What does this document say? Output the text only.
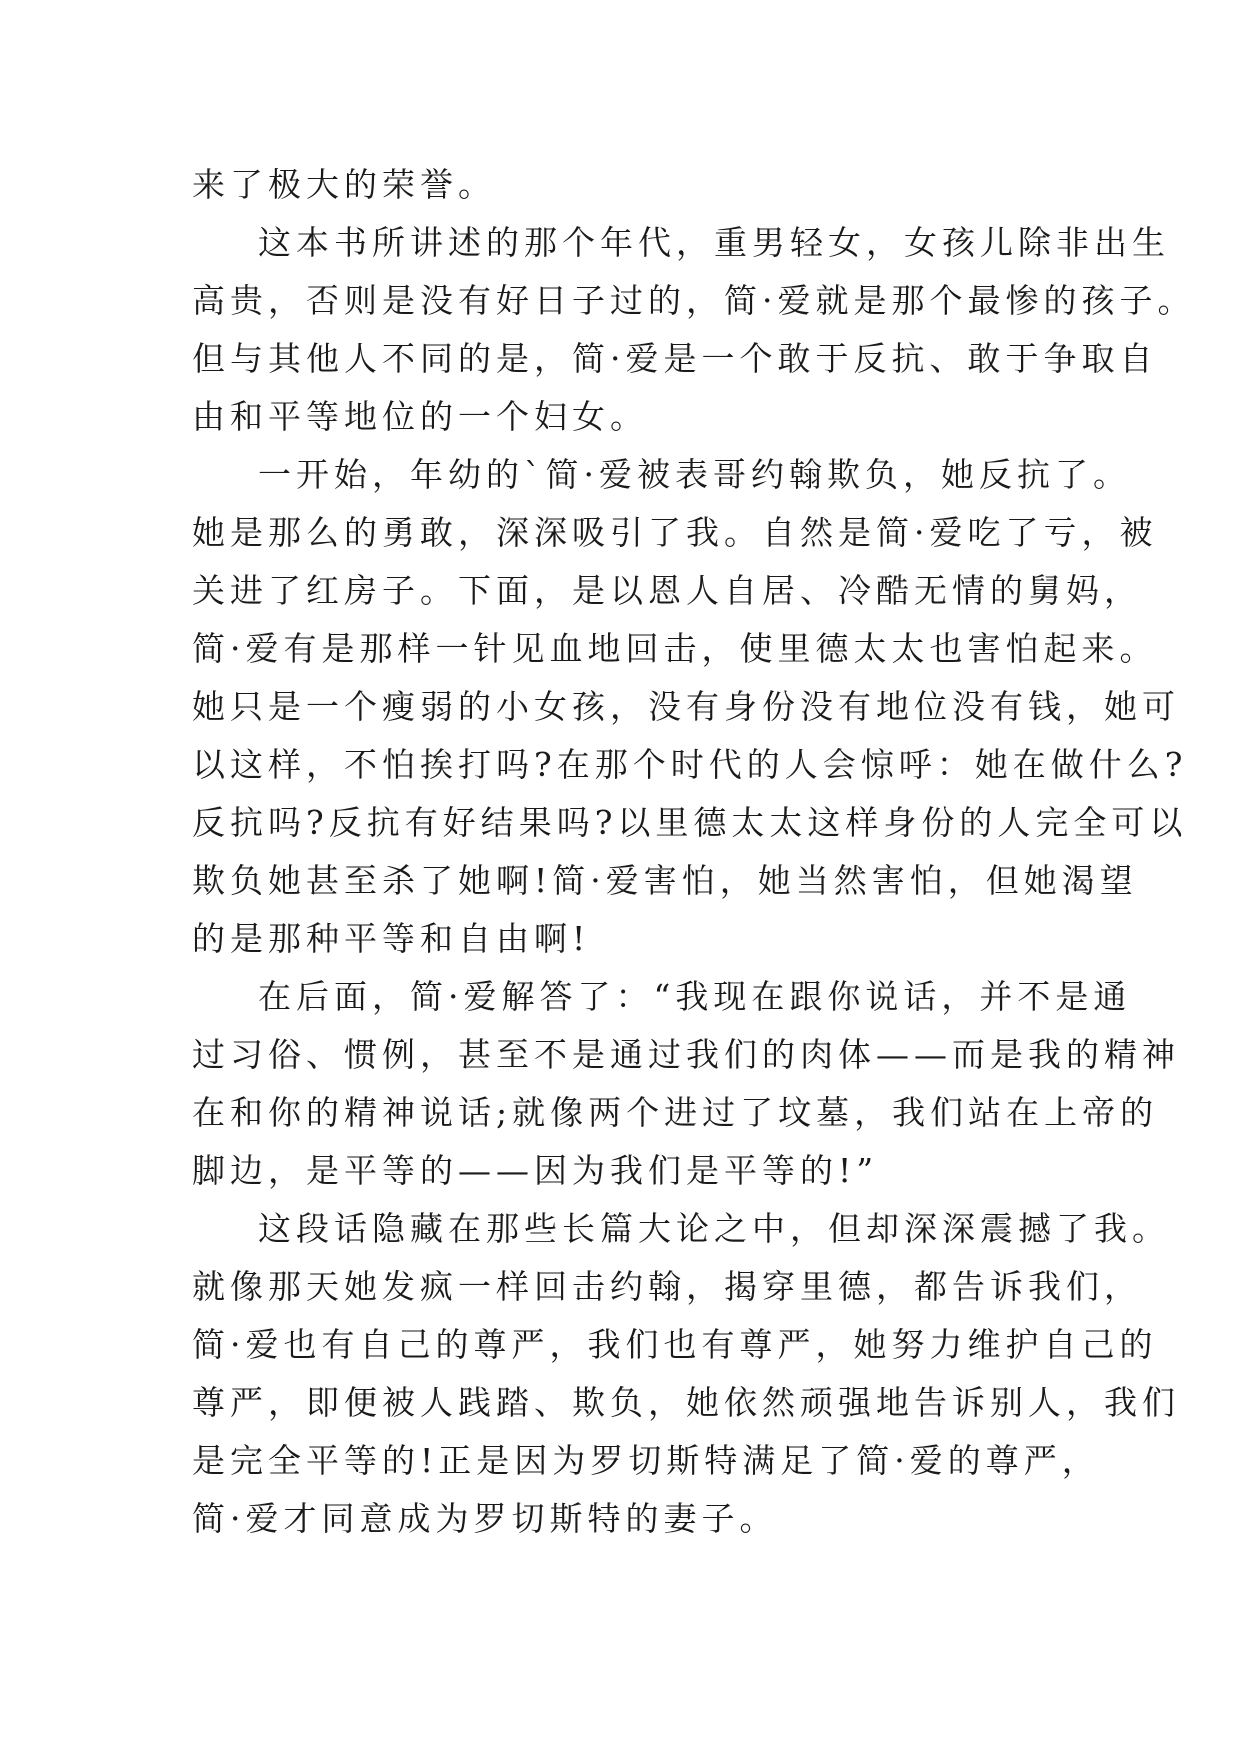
来了极大的荣誉。
这本书所讲述的那个年代，重男轻女，女孩儿除非出生
高贵，否则是没有好日子过的，简·爱就是那个最惨的孩子。
但与其他人不同的是，简·爱是一个敢于反抗、敢于争取自
由和平等地位的一个妇女。
一开始，年幼的`简·爱被表哥约翰欺负，她反抗了。
她是那么的勇敢，深深吸引了我。自然是简·爱吃了亏，被
关进了红房子。下面，是以恩人自居、冷酷无情的舅妈，
简·爱有是那样一针见血地回击，使里德太太也害怕起来。
她只是一个瘦弱的小女孩，没有身份没有地位没有钱，她可
以这样，不怕挨打吗?在那个时代的人会惊呼：她在做什么?
反抗吗?反抗有好结果吗?以里德太太这样身份的人完全可以
欺负她甚至杀了她啊!简·爱害怕，她当然害怕，但她渴望
的是那种平等和自由啊!
在后面，简·爱解答了：“我现在跟你说话，并不是通
过习俗、惯例，甚至不是通过我们的肉体——而是我的精神
在和你的精神说话;就像两个进过了坟墓，我们站在上帝的
脚边，是平等的——因为我们是平等的!”
这段话隐藏在那些长篇大论之中，但却深深震撼了我。
就像那天她发疯一样回击约翰，揭穿里德，都告诉我们，
简·爱也有自己的尊严，我们也有尊严，她努力维护自己的
尊严，即便被人践踏、欺负，她依然顽强地告诉别人，我们
是完全平等的!正是因为罗切斯特满足了简·爱的尊严，
简·爱才同意成为罗切斯特的妻子。
